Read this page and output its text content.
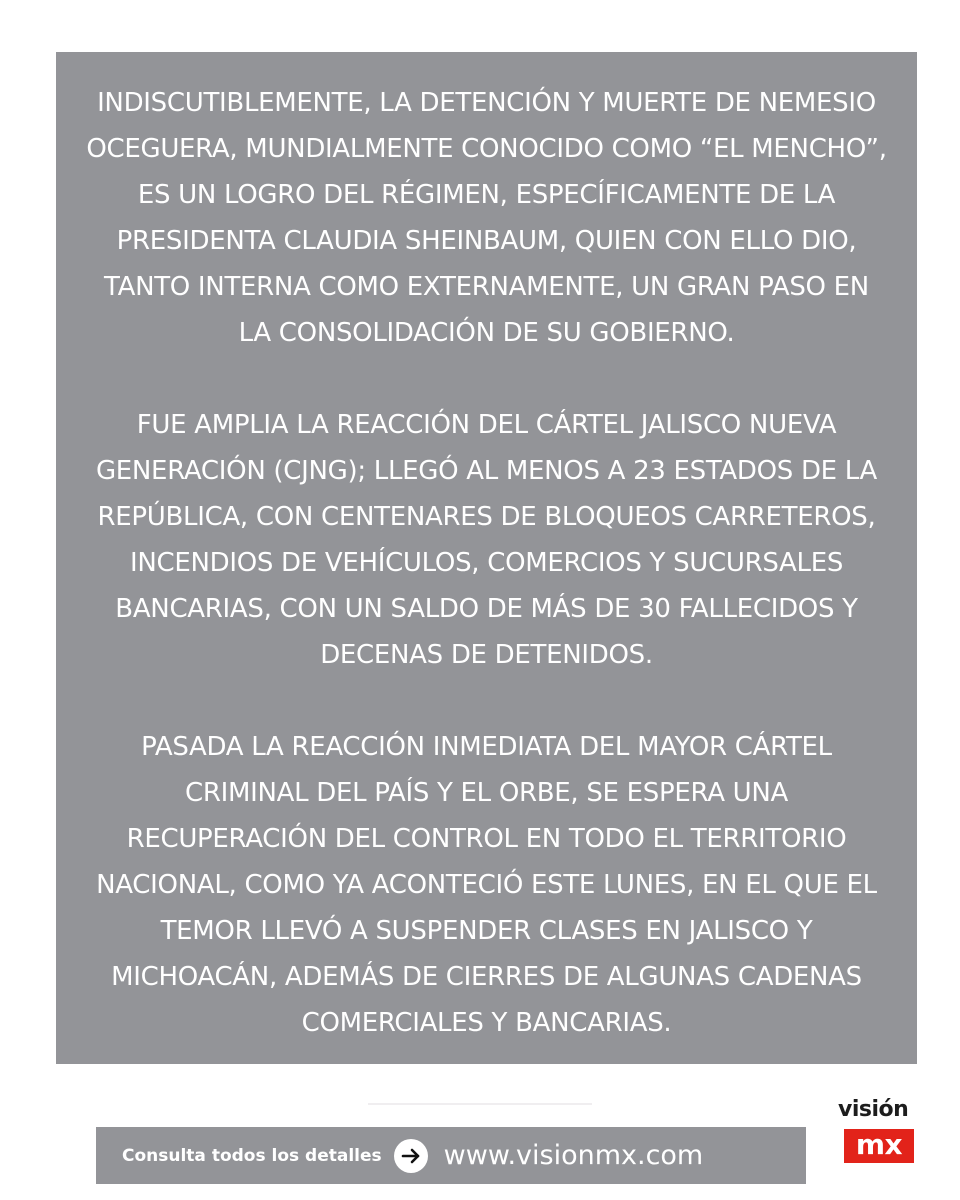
INDISCUTIBLEMENTE, LA DETENCIÓN Y MUERTE DE NEMESIO OCEGUERA, MUNDIALMENTE CONOCIDO COMO “EL MENCHO”, ES UN LOGRO DEL RÉGIMEN, ESPECÍFICAMENTE DE LA PRESIDENTA CLAUDIA SHEINBAUM, QUIEN CON ELLO DIO, TANTO INTERNA COMO EXTERNAMENTE, UN GRAN PASO EN LA CONSOLIDACIÓN DE SU GOBIERNO.

FUE AMPLIA LA REACCIÓN DEL CÁRTEL JALISCO NUEVA GENERACIÓN (CJNG); LLEGÓ AL MENOS A 23 ESTADOS DE LA REPÚBLICA, CON CENTENARES DE BLOQUEOS CARRETEROS, INCENDIOS DE VEHÍCULOS, COMERCIOS Y SUCURSALES BANCARIAS, CON UN SALDO DE MÁS DE 30 FALLECIDOS Y DECENAS DE DETENIDOS.

PASADA LA REACCIÓN INMEDIATA DEL MAYOR CÁRTEL CRIMINAL DEL PAÍS Y EL ORBE, SE ESPERA UNA RECUPERACIÓN DEL CONTROL EN TODO EL TERRITORIO NACIONAL, COMO YA ACONTECIÓ ESTE LUNES, EN EL QUE EL TEMOR LLEVÓ A SUSPENDER CLASES EN JALISCO Y MICHOACÁN, ADEMÁS DE CIERRES DE ALGUNAS CADENAS COMERCIALES Y BANCARIAS.

Consulta todos los detalles www.visionmx.com
visión
mx
